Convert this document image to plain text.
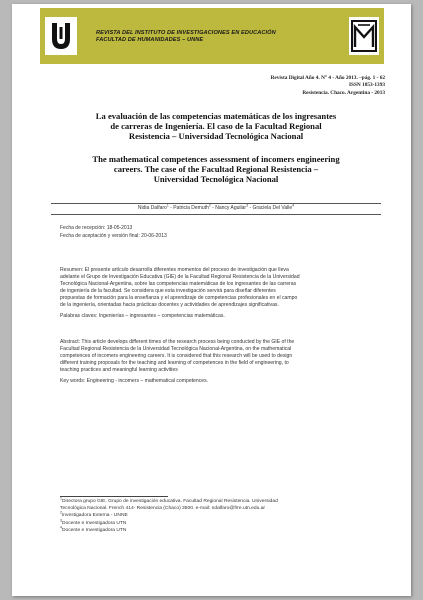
REVISTA DEL INSTITUTO DE INVESTIGACIONES EN EDUCACIÓN
FACULTAD DE HUMANIDADES – UNNE
Revista Digital Año 4. N° 4 - Año 2013. –pág. 1 - 62
ISSN 1853-1393
Resistencia. Chaco. Argentina - 2013
La evaluación de las competencias matemáticas de los ingresantes
de carreras de Ingeniería. El caso de la Facultad Regional
Resistencia – Universidad Tecnológica Nacional
The mathematical competences assessment of incomers engineering
careers. The case of the Facultad Regional Resistencia –
Universidad Tecnológica Nacional
Nidia Dalfaro$^1$ - Patricia Demuth$^2$ - Nancy Aguilar$^3$ - Graciela Del Valle$^4$
Fecha de recepción: 18-05-2013
Fecha de aceptación y versión final: 20-06-2013
Resumen: El presente artículo desarrolla diferentes momentos del proceso de investigación que lleva
adelante el Grupo de Investigación Educativa (GIE) de la Facultad Regional Resistencia de la Universidad
Tecnológica Nacional-Argentina, sobre las competencias matemáticas de los ingresantes de las carreras
de ingeniería de la facultad. Se considera que esta investigación servirá para diseñar diferentes
propuestas de formación para la enseñanza y el aprendizaje de competencias profesionales en el campo
de la ingeniería, orientadas hacia prácticas docentes y actividades de aprendizajes significativas.
Palabras claves: Ingenierías – ingresantes – competencias matemáticas.
Abstract: This article develops different times of the research process being conducted by the GIE of the
Facultad Regional Resistencia de la Universidad Tecnológica Nacional-Argentina, on the mathematical
competences of incomers engineering careers. It is considered that this research will be used to design
different training proposals for the teaching and learning of competences in the field of engineering, to
teaching practices and meaningful learning activities
Key words: Engineering - incomers – mathematical competences.
$^1$Directora grupo GIE. Grupo de investigación educativa. Facultad Regional Resistencia. Universidad
Tecnológica Nacional. French 414- Resistencia (Chaco) 3500. e-mail: ndalfaro@frre.utn.edu.ar
$^2$Investigadora Externa - UNNE
$^3$Docente e Investigadora UTN
$^4$Docente e Investigadora UTN
